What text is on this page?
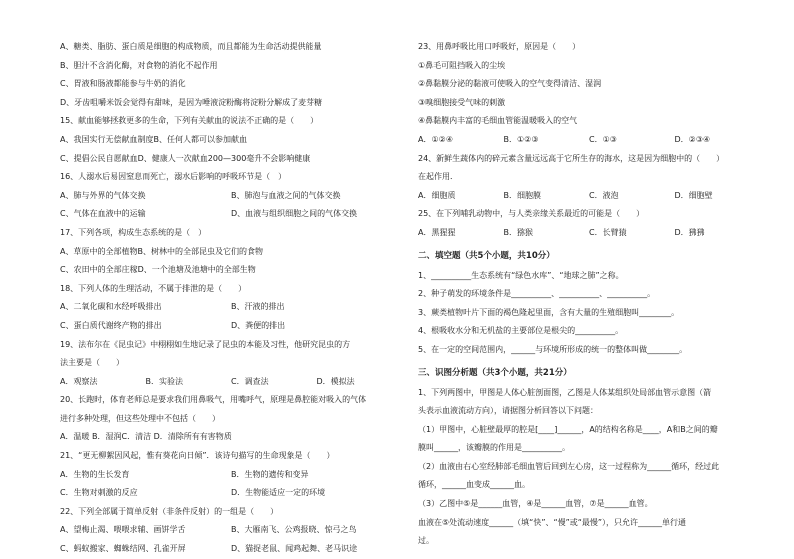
A、糖类、脂肪、蛋白质是细胞的构成物质，而且都能为生命活动提供能量
B、胆汁不含消化酶，对食物的消化不起作用
C、胃液和肠液都能参与牛奶的消化
D、牙齿咀嚼米饭会觉得有甜味，是因为唾液淀粉酶将淀粉分解成了麦芽糖
15、献血能够拯救更多的生命，下列有关献血的说法不正确的是（　　）
A、我国实行无偿献血制度B、任何人都可以参加献血
C、提倡公民自愿献血D、健康人一次献血200—300毫升不会影响健康
16、人溺水后易因窒息而死亡，溺水后影响的呼吸环节是（　）
A、肺与外界的气体交换	B、肺泡与血液之间的气体交换
C、气体在血液中的运输	D、血液与组织细胞之间的气体交换
17、下列各项，构成生态系统的是（　）
A、草原中的全部植物B、树林中的全部昆虫及它们的食物
C、农田中的全部庄稼D、一个池塘及池塘中的全部生物
18、下列人体的生理活动，不属于排泄的是（　　）
A、二氧化碳和水经呼吸排出	B、汗液的排出
C、蛋白质代谢终产物的排出	D、粪便的排出
19、法布尔在《昆虫记》中栩栩如生地记录了昆虫的本能及习性，他研究昆虫的方
法主要是（　　）
A．观察法	B．实验法	C．调查法	D．模拟法
20、长跑时，体育老师总是要求我们用鼻吸气，用嘴呼气，原理是鼻腔能对吸入的气体
进行多种处理，但这些处理中不包括（　　）
A．温暖 B．湿润C．清洁 D．清除所有有害物质
21、“更无柳絮因风起，惟有葵花向日倾”．该诗句描写的生命现象是（　　）
A．生物的生长发育	B．生物的遗传和变异
C．生物对刺激的反应	D．生物能适应一定的环境
22、下列全部属于简单反射（非条件反射）的一组是（　　）
A、望梅止渴、喂喂求辅、画饼学舌	B、大雁南飞、公鸡报晓、惊弓之鸟
C、蚂蚁搬家、蜘蛛结网、孔雀开屏	D、猫捉老鼠、闻鸡起舞、老马识途
23、用鼻呼吸比用口呼吸好，原因是（　　）
①鼻毛可阻挡吸入的尘埃
②鼻黏膜分泌的黏液可使吸入的空气变得清洁、湿润
③嗅细胞接受气味的刺激
④鼻黏膜内丰富的毛细血管能温暖吸入的空气
A．①②④	B．①②③	C．①③	D．②③④
24、新鲜生蔬体内的碎元素含量远远高于它所生存的海水，这是因为细胞中的（　　）
在起作用．
A．细胞质	B．细胞膜	C．液泡	D．细胞壁
25、在下列哺乳动物中，与人类亲缘关系最近的可能是（　　）
A．黑猩猩	B．猕猴	C．长臂猿	D．狒狒
二、填空题（共5个小题，共10分）
1、__________生态系统有“绿色水库”、“地球之肺”之称。
2、种子萌发的环境条件是__________、__________、__________。
3、蕨类植物叶片下面的褐色隆起里面，含有大量的生殖细胞叫________。
4、根吸收水分和无机盐的主要部位是根尖的__________。
5、在一定的空间范围内，______与环境所形成的统一的整体叫做________。
三、识图分析题（共3个小题，共21分）
1、下列两图中，甲图是人体心脏剖面图，乙图是人体某组织处局部血管示意图（箭
头表示血液流动方向），请据图分析回答以下问题：
（1）甲图中，心脏壁最厚的腔是[____]______，A的结构名称是____，A和B之间的瓣
膜叫______，该瓣膜的作用是__________。
（2）血液由右心室经肺部毛细血管后回到左心房，这一过程称为______循环，经过此
循环，______血变成______血。
（3）乙图中⑤是______血管，④是______血管，⑦是______血管。
血液在⑤处流动速度______（填“快”、“慢”或“最慢”），只允许______单行通
过。
